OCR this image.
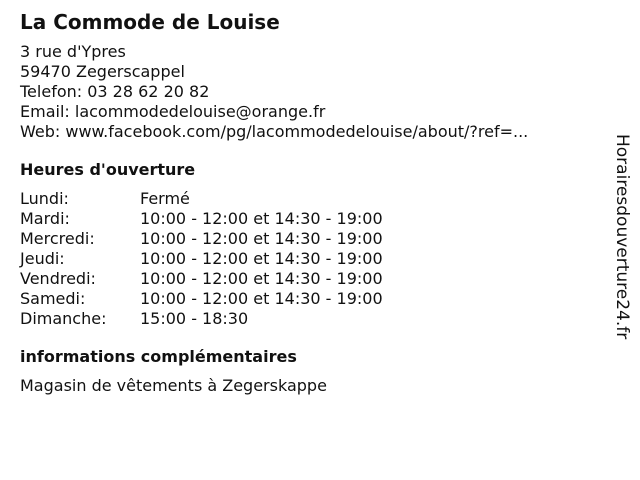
La Commode de Louise
3 rue d'Ypres
59470 Zegerscappel
Telefon: 03 28 62 20 82
Email: lacommodedelouise@orange.fr
Web: www.facebook.com/pg/lacommodedelouise/about/?ref=...
Heures d'ouverture
Lundi:	Fermé
Mardi:	10:00 - 12:00 et 14:30 - 19:00
Mercredi:	10:00 - 12:00 et 14:30 - 19:00
Jeudi:	10:00 - 12:00 et 14:30 - 19:00
Vendredi:	10:00 - 12:00 et 14:30 - 19:00
Samedi:	10:00 - 12:00 et 14:30 - 19:00
Dimanche:	15:00 - 18:30
informations complémentaires
Magasin de vêtements à Zegerskappe
Horairesdouverture24.fr
